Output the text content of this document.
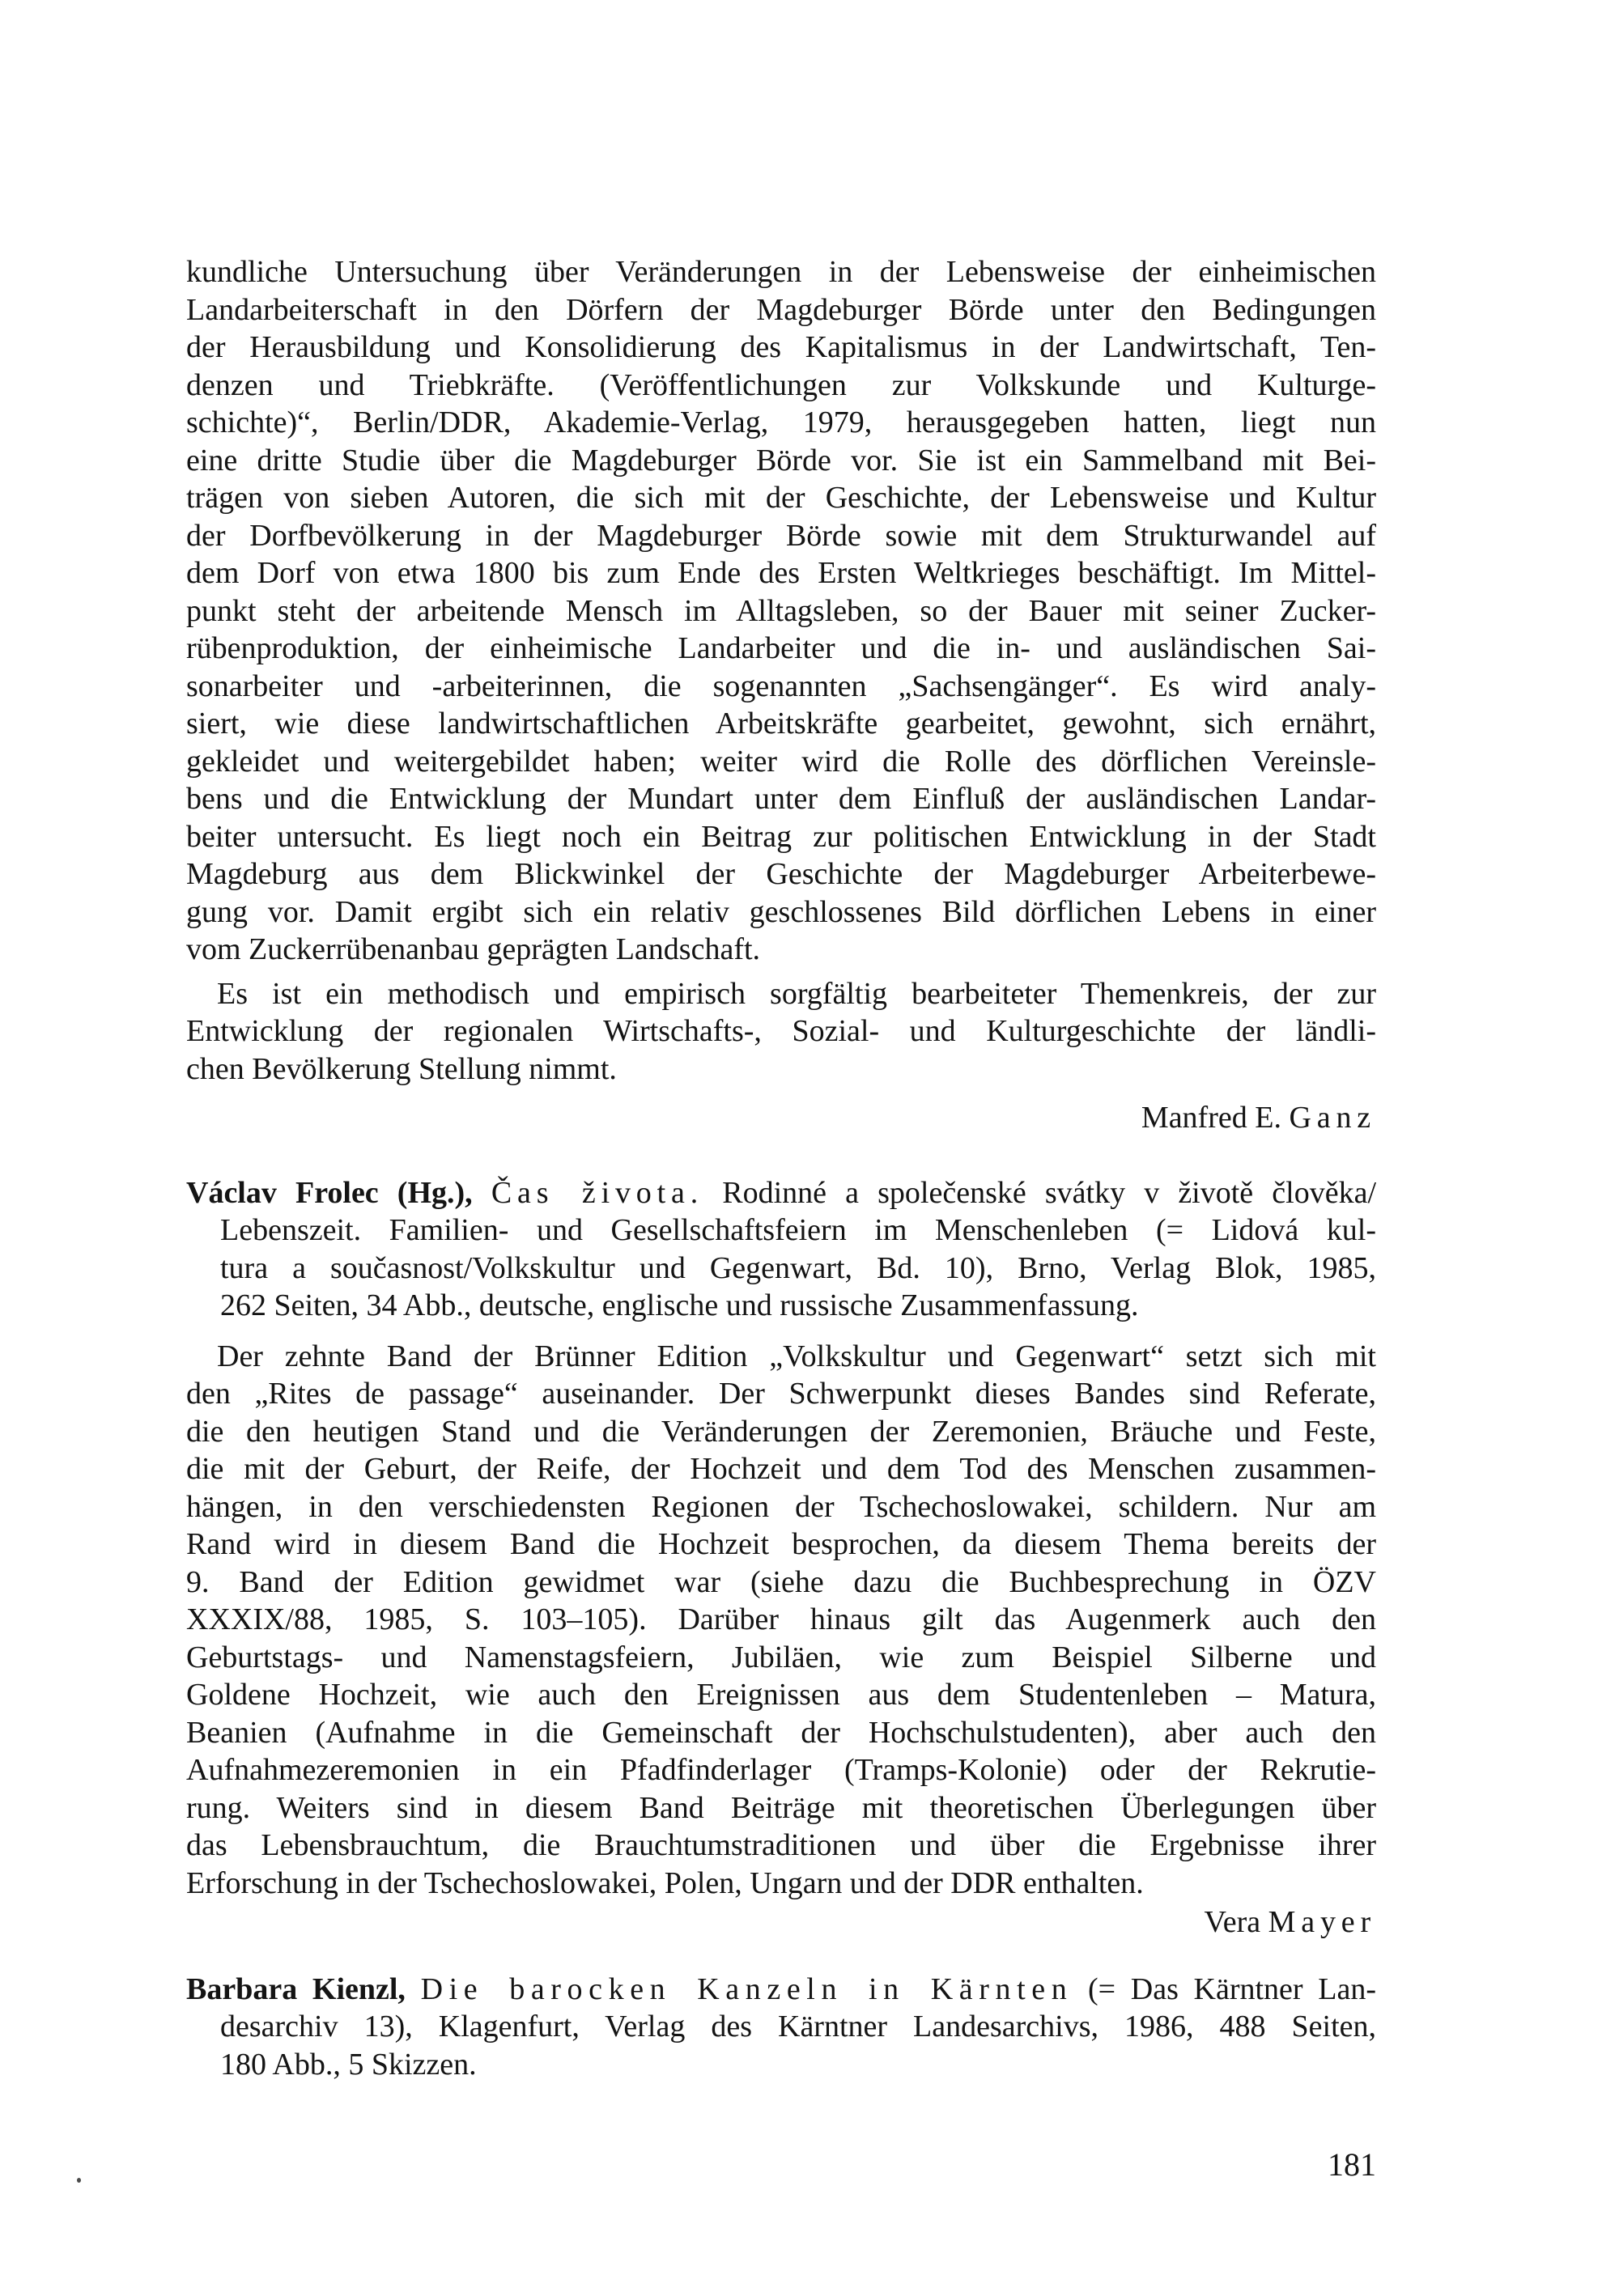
kundliche Untersuchung über Veränderungen in der Lebensweise der einheimischen
Landarbeiterschaft in den Dörfern der Magdeburger Börde unter den Bedingungen
der Herausbildung und Konsolidierung des Kapitalismus in der Landwirtschaft, Ten-
denzen und Triebkräfte. (Veröffentlichungen zur Volkskunde und Kulturge-
schichte)“, Berlin/DDR, Akademie-Verlag, 1979, herausgegeben hatten, liegt nun
eine dritte Studie über die Magdeburger Börde vor. Sie ist ein Sammelband mit Bei-
trägen von sieben Autoren, die sich mit der Geschichte, der Lebensweise und Kultur
der Dorfbevölkerung in der Magdeburger Börde sowie mit dem Strukturwandel auf
dem Dorf von etwa 1800 bis zum Ende des Ersten Weltkrieges beschäftigt. Im Mittel-
punkt steht der arbeitende Mensch im Alltagsleben, so der Bauer mit seiner Zucker-
rübenproduktion, der einheimische Landarbeiter und die in- und ausländischen Sai-
sonarbeiter und -arbeiterinnen, die sogenannten „Sachsengänger“. Es wird analy-
siert, wie diese landwirtschaftlichen Arbeitskräfte gearbeitet, gewohnt, sich ernährt,
gekleidet und weitergebildet haben; weiter wird die Rolle des dörflichen Vereinsle-
bens und die Entwicklung der Mundart unter dem Einfluß der ausländischen Landar-
beiter untersucht. Es liegt noch ein Beitrag zur politischen Entwicklung in der Stadt
Magdeburg aus dem Blickwinkel der Geschichte der Magdeburger Arbeiterbewe-
gung vor. Damit ergibt sich ein relativ geschlossenes Bild dörflichen Lebens in einer
vom Zuckerrübenanbau geprägten Landschaft.
Es ist ein methodisch und empirisch sorgfältig bearbeiteter Themenkreis, der zur
Entwicklung der regionalen Wirtschafts-, Sozial- und Kulturgeschichte der ländli-
chen Bevölkerung Stellung nimmt.
Manfred E. Ganz
Václav Frolec (Hg.), Čas života. Rodinné a společenské svátky v životě člověka/
Lebenszeit. Familien- und Gesellschaftsfeiern im Menschenleben (= Lidová kul-
tura a současnost/Volkskultur und Gegenwart, Bd. 10), Brno, Verlag Blok, 1985,
262 Seiten, 34 Abb., deutsche, englische und russische Zusammenfassung.
Der zehnte Band der Brünner Edition „Volkskultur und Gegenwart“ setzt sich mit
den „Rites de passage“ auseinander. Der Schwerpunkt dieses Bandes sind Referate,
die den heutigen Stand und die Veränderungen der Zeremonien, Bräuche und Feste,
die mit der Geburt, der Reife, der Hochzeit und dem Tod des Menschen zusammen-
hängen, in den verschiedensten Regionen der Tschechoslowakei, schildern. Nur am
Rand wird in diesem Band die Hochzeit besprochen, da diesem Thema bereits der
9. Band der Edition gewidmet war (siehe dazu die Buchbesprechung in ÖZV
XXXIX/88, 1985, S. 103–105). Darüber hinaus gilt das Augenmerk auch den
Geburtstags- und Namenstagsfeiern, Jubiläen, wie zum Beispiel Silberne und
Goldene Hochzeit, wie auch den Ereignissen aus dem Studentenleben – Matura,
Beanien (Aufnahme in die Gemeinschaft der Hochschulstudenten), aber auch den
Aufnahmezeremonien in ein Pfadfinderlager (Tramps-Kolonie) oder der Rekrutie-
rung. Weiters sind in diesem Band Beiträge mit theoretischen Überlegungen über
das Lebensbrauchtum, die Brauchtumstraditionen und über die Ergebnisse ihrer
Erforschung in der Tschechoslowakei, Polen, Ungarn und der DDR enthalten.
Vera Mayer
Barbara Kienzl, Die barocken Kanzeln in Kärnten (= Das Kärntner Lan-
desarchiv 13), Klagenfurt, Verlag des Kärntner Landesarchivs, 1986, 488 Seiten,
180 Abb., 5 Skizzen.
181
